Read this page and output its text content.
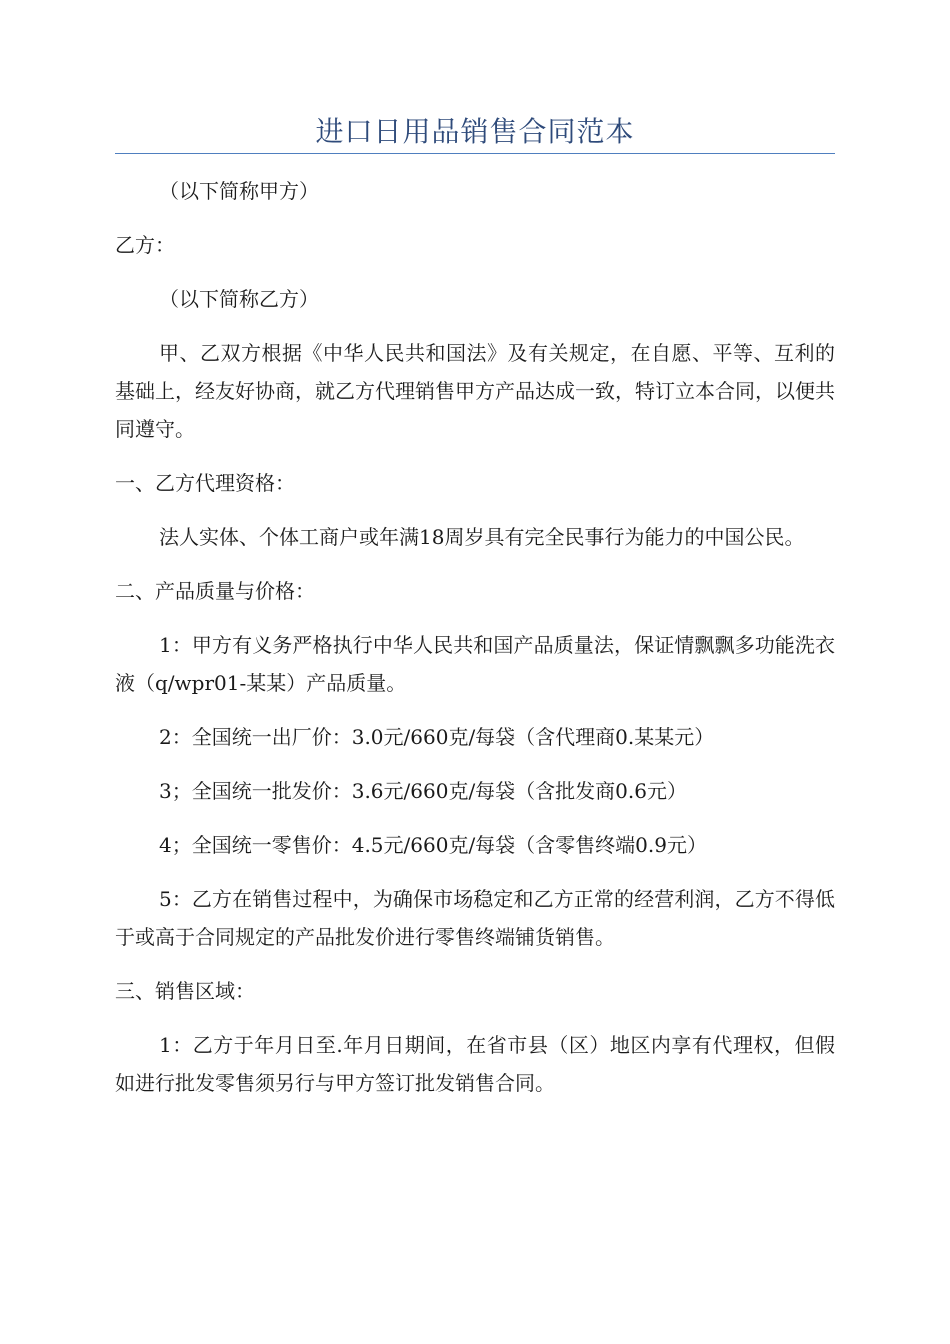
进口日用品销售合同范本

（以下简称甲方）

乙方：

（以下简称乙方）

甲、乙双方根据《中华人民共和国法》及有关规定，在自愿、平等、互利的基础上，经友好协商，就乙方代理销售甲方产品达成一致，特订立本合同，以便共同遵守。

一、乙方代理资格：

法人实体、个体工商户或年满18周岁具有完全民事行为能力的中国公民。

二、产品质量与价格：

1：甲方有义务严格执行中华人民共和国产品质量法，保证情飘飘多功能洗衣液（q/wpr01-某某）产品质量。

2：全国统一出厂价：3.0元/660克/每袋（含代理商0.某某元）

3；全国统一批发价：3.6元/660克/每袋（含批发商0.6元）

4；全国统一零售价：4.5元/660克/每袋（含零售终端0.9元）

5：乙方在销售过程中，为确保市场稳定和乙方正常的经营利润，乙方不得低于或高于合同规定的产品批发价进行零售终端铺货销售。

三、销售区域：

1：乙方于年月日至.年月日期间，在省市县（区）地区内享有代理权，但假如进行批发零售须另行与甲方签订批发销售合同。
